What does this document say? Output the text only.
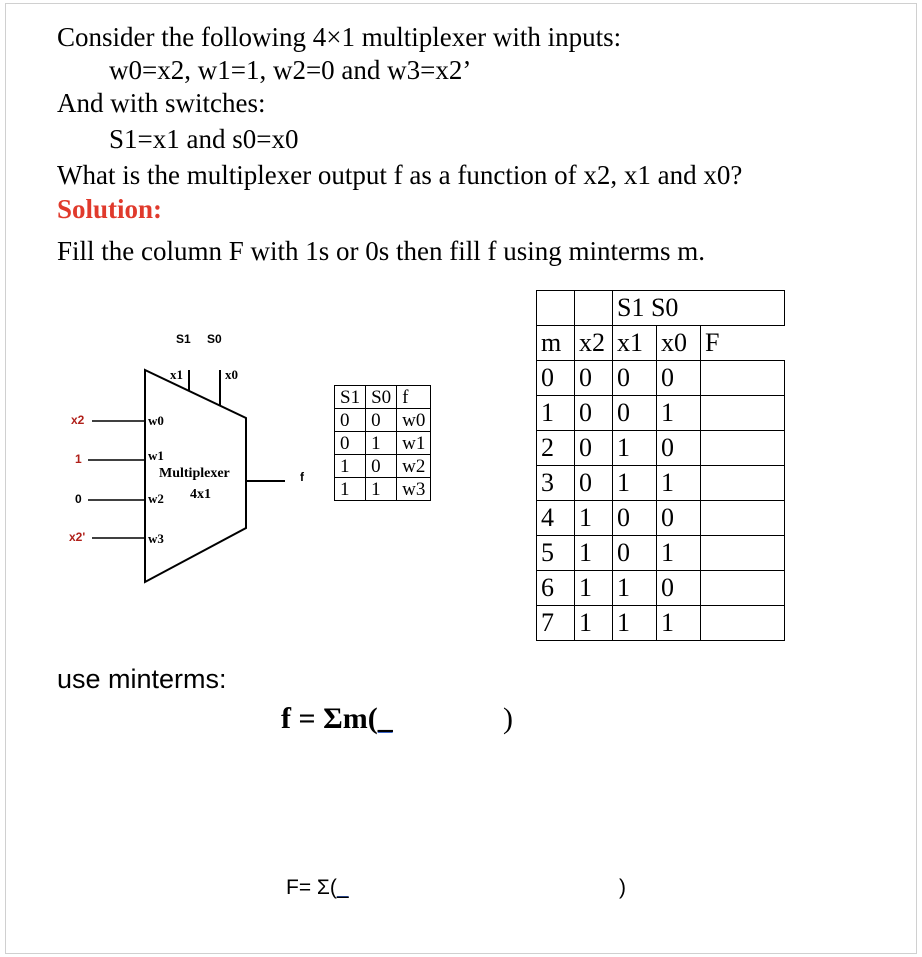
Consider the following 4×1 multiplexer with inputs:
w0=x2, w1=1, w2=0 and w3=x2’
And with switches:
S1=x1 and s0=x0
What is the multiplexer output f as a function of x2, x1 and x0?
Solution:
Fill the column F with 1s or 0s then fill f using minterms m.
S1 S0
x1	x0
x2
1
0
x2'
w0
w1
w2
w3
Multiplexer
4x1
f
S1	S0	f
0	0	w0
0	1	w1
1	0	w2
1	1	w3
		S1 S0		
m	x2	x1	x0	F
0	0	0	0	
1	0	0	1	
2	0	1	0	
3	0	1	1	
4	1	0	0	
5	1	0	1	
6	1	1	0	
7	1	1	1	
use minterms:
f = Σm(_	)
F= Σ(_	)
